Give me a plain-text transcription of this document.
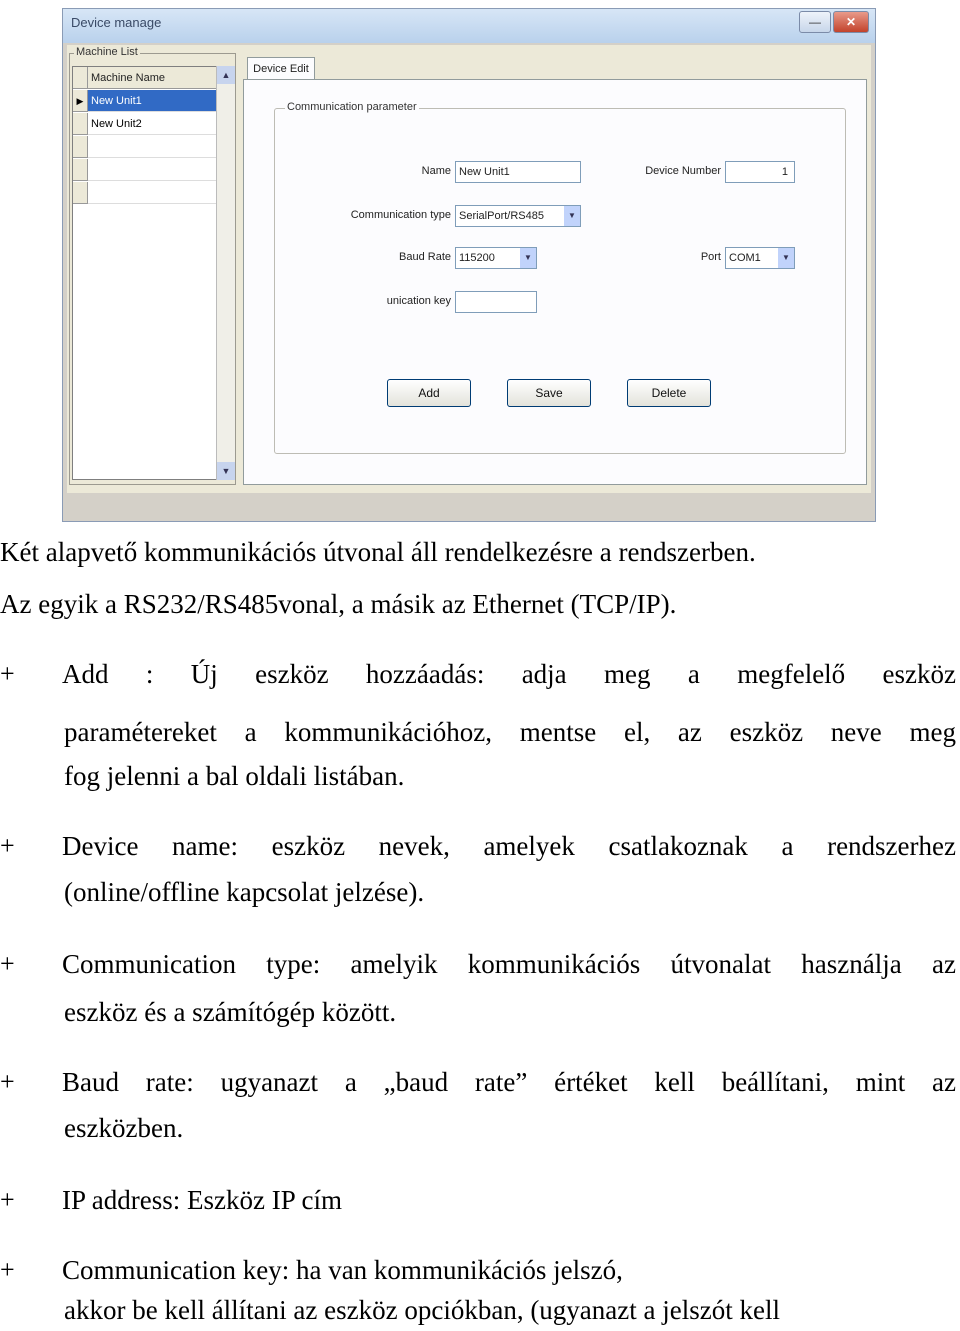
Device manage	—	✕
Machine List
Machine Name
▶ New Unit1
New Unit2
▲
▼
Device Edit
Communication parameter
Name New Unit1	Device Number	1
Communication type SerialPort/RS485	▼
Baud Rate 115200	▼	Port COM1	▼
unication key
Add	Save	Delete
Két alapvető kommunikációs útvonal áll rendelkezésre a rendszerben.
Az egyik a RS232/RS485vonal, a másik az Ethernet (TCP/IP).
+ Add : Új eszköz hozzáadás: adja meg a megfelelő eszköz
paramétereket a kommunikációhoz, mentse el, az eszköz neve meg
fog jelenni a bal oldali listában.
+ Device name: eszköz nevek, amelyek csatlakoznak a rendszerhez
(online/offline kapcsolat jelzése).
+ Communication type: amelyik kommunikációs útvonalat használja az
eszköz és a számítógép között.
+ Baud rate: ugyanazt a „baud rate” értéket kell beállítani, mint az
eszközben.
+ IP address: Eszköz IP cím
+ Communication key: ha van kommunikációs jelszó,
akkor be kell állítani az eszköz opciókban, (ugyanazt a jelszót kell
